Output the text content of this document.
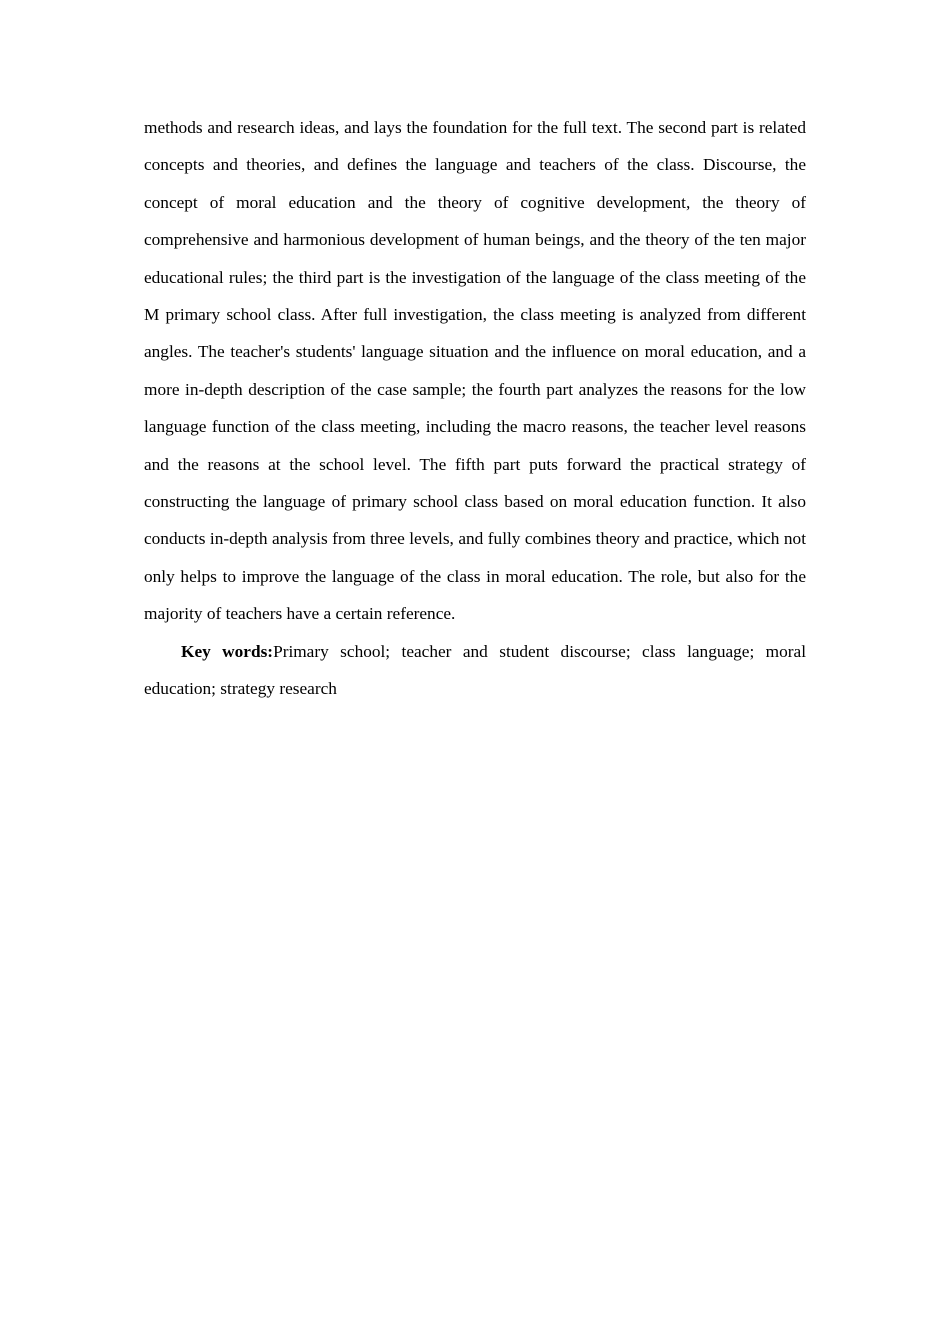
methods and research ideas, and lays the foundation for the full text. The second part is related concepts and theories, and defines the language and teachers of the class. Discourse, the concept of moral education and the theory of cognitive development, the theory of comprehensive and harmonious development of human beings, and the theory of the ten major educational rules; the third part is the investigation of the language of the class meeting of the M primary school class. After full investigation, the class meeting is analyzed from different angles. The teacher's students' language situation and the influence on moral education, and a more in-depth description of the case sample; the fourth part analyzes the reasons for the low language function of the class meeting, including the macro reasons, the teacher level reasons and the reasons at the school level. The fifth part puts forward the practical strategy of constructing the language of primary school class based on moral education function. It also conducts in-depth analysis from three levels, and fully combines theory and practice, which not only helps to improve the language of the class in moral education. The role, but also for the majority of teachers have a certain reference.

Key words:Primary school; teacher and student discourse; class language; moral education; strategy research
